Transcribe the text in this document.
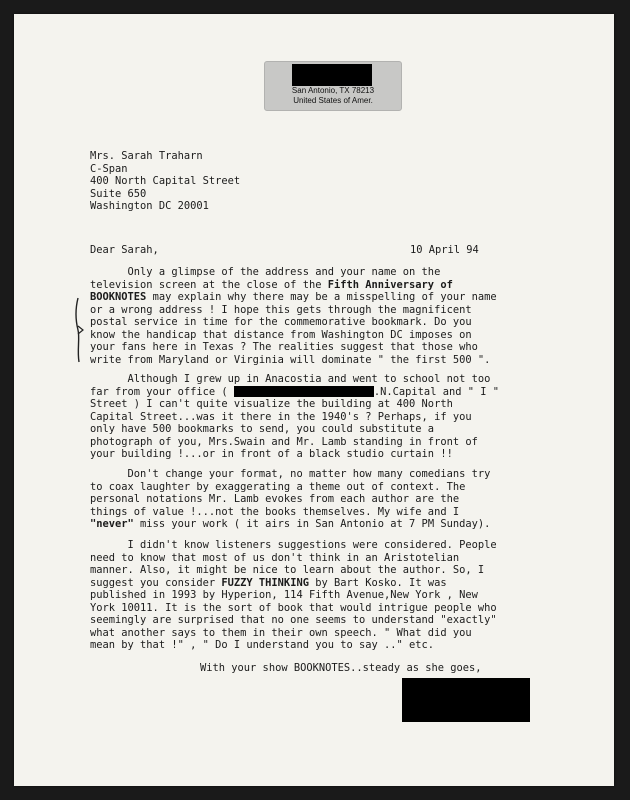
San Antonio, TX 78213
United States of Amer.
Mrs. Sarah Traharn
C-Span
400 North Capital Street
Suite 650
Washington DC 20001
Dear Sarah,	10 April 94
Only a glimpse of the address and your name on the
television screen at the close of the Fifth Anniversary of
BOOKNOTES may explain why there may be a misspelling of your name
or a wrong address ! I hope this gets through the magnificent
postal service in time for the commemorative bookmark. Do you
know the handicap that distance from Washington DC imposes on
your fans here in Texas ? The realities suggest that those who
write from Maryland or Virginia will dominate " the first 500 ".
Although I grew up in Anacostia and went to school not too
far from your office (	.N.Capital and " I "
Street ) I can't quite visualize the building at 400 North
Capital Street...was it there in the 1940's ? Perhaps, if you
only have 500 bookmarks to send, you could substitute a
photograph of you, Mrs.Swain and Mr. Lamb standing in front of
your building !...or in front of a black studio curtain !!
Don't change your format, no matter how many comedians try
to coax laughter by exaggerating a theme out of context. The
personal notations Mr. Lamb evokes from each author are the
things of value !...not the books themselves. My wife and I
"never" miss your work ( it airs in San Antonio at 7 PM Sunday).
I didn't know listeners suggestions were considered. People
need to know that most of us don't think in an Aristotelian
manner. Also, it might be nice to learn about the author. So, I
suggest you consider FUZZY THINKING by Bart Kosko. It was
published in 1993 by Hyperion, 114 Fifth Avenue,New York , New
York 10011. It is the sort of book that would intrigue people who
seemingly are surprised that no one seems to understand "exactly"
what another says to them in their own speech. " What did you
mean by that !" , " Do I understand you to say .." etc.
With your show BOOKNOTES..steady as she goes,
